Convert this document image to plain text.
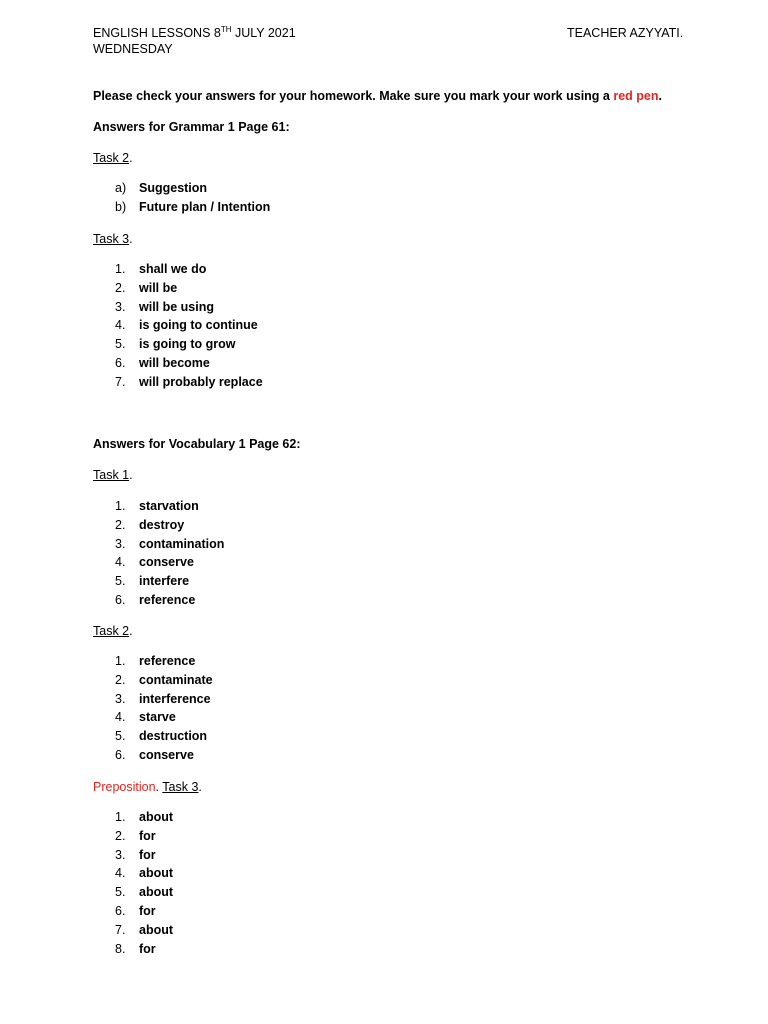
ENGLISH LESSONS 8TH JULY 2021
WEDNESDAY
TEACHER AZYYATI.
Please check your answers for your homework. Make sure you mark your work using a red pen.
Answers for Grammar 1 Page 61:
Task 2.
a) Suggestion
b) Future plan / Intention
Task 3.
1. shall we do
2. will be
3. will be using
4. is going to continue
5. is going to grow
6. will become
7. will probably replace
Answers for Vocabulary 1 Page 62:
Task 1.
1. starvation
2. destroy
3. contamination
4. conserve
5. interfere
6. reference
Task 2.
1. reference
2. contaminate
3. interference
4. starve
5. destruction
6. conserve
Preposition. Task 3.
1. about
2. for
3. for
4. about
5. about
6. for
7. about
8. for
